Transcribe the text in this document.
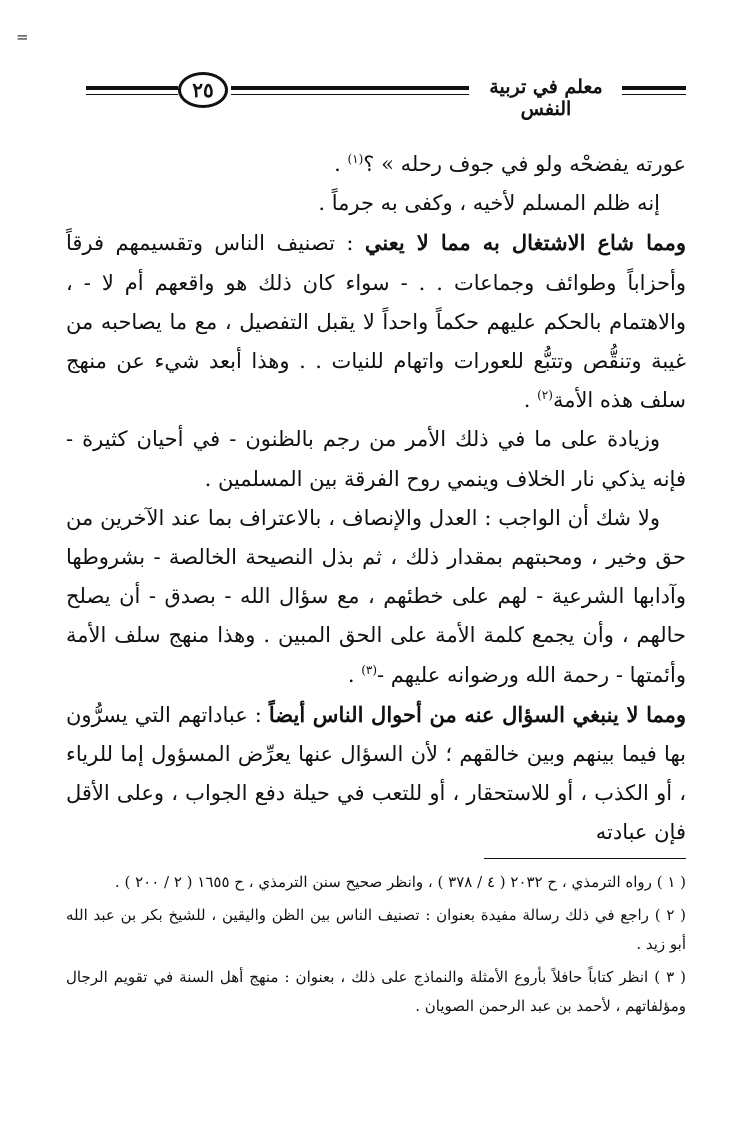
=
٢٥	معلم في تربية النفس

عورته يفضحْه ولو في جوف رحله » ؟$^{(١)}$ .

إنه ظلم المسلم لأخيه ، وكفى به جرماً .

ومما شاع الاشتغال به مما لا يعني : تصنيف الناس وتقسيمهم فرقاً وأحزاباً وطوائف وجماعات . . - سواء كان ذلك هو واقعهم أم لا - ، والاهتمام بالحكم عليهم حكماً واحداً لا يقبل التفصيل ، مع ما يصاحبه من غيبة وتنقُّص وتتبُّع للعورات واتهام للنيات . . وهذا أبعد شيء عن منهج سلف هذه الأمة$^{(٢)}$ .

وزيادة على ما في ذلك الأمر من رجم بالظنون - في أحيان كثيرة - فإنه يذكي نار الخلاف وينمي روح الفرقة بين المسلمين .

ولا شك أن الواجب : العدل والإنصاف ، بالاعتراف بما عند الآخرين من حق وخير ، ومحبتهم بمقدار ذلك ، ثم بذل النصيحة الخالصة - بشروطها وآدابها الشرعية - لهم على خطئهم ، مع سؤال الله - بصدق - أن يصلح حالهم ، وأن يجمع كلمة الأمة على الحق المبين . وهذا منهج سلف الأمة وأئمتها - رحمة الله ورضوانه عليهم -$^{(٣)}$ .

ومما لا ينبغي السؤال عنه من أحوال الناس أيضاً : عباداتهم التي يسرُّون بها فيما بينهم وبين خالقهم ؛ لأن السؤال عنها يعرِّض المسؤول إما للرياء ، أو الكذب ، أو للاستحقار ، أو للتعب في حيلة دفع الجواب ، وعلى الأقل فإن عبادته

( ١ ) رواه الترمذي ، ح ٢٠٣٢ ( ٤ / ٣٧٨ ) ، وانظر صحيح سنن الترمذي ، ح ١٦٥٥ ( ٢ / ٢٠٠ ) .

( ٢ ) راجع في ذلك رسالة مفيدة بعنوان : تصنيف الناس بين الظن واليقين ، للشيخ بكر بن عبد الله أبو زيد .

( ٣ ) انظر كتاباً حافلاً بأروع الأمثلة والنماذج على ذلك ، بعنوان : منهج أهل السنة في تقويم الرجال ومؤلفاتهم ، لأحمد بن عبد الرحمن الصويان .
